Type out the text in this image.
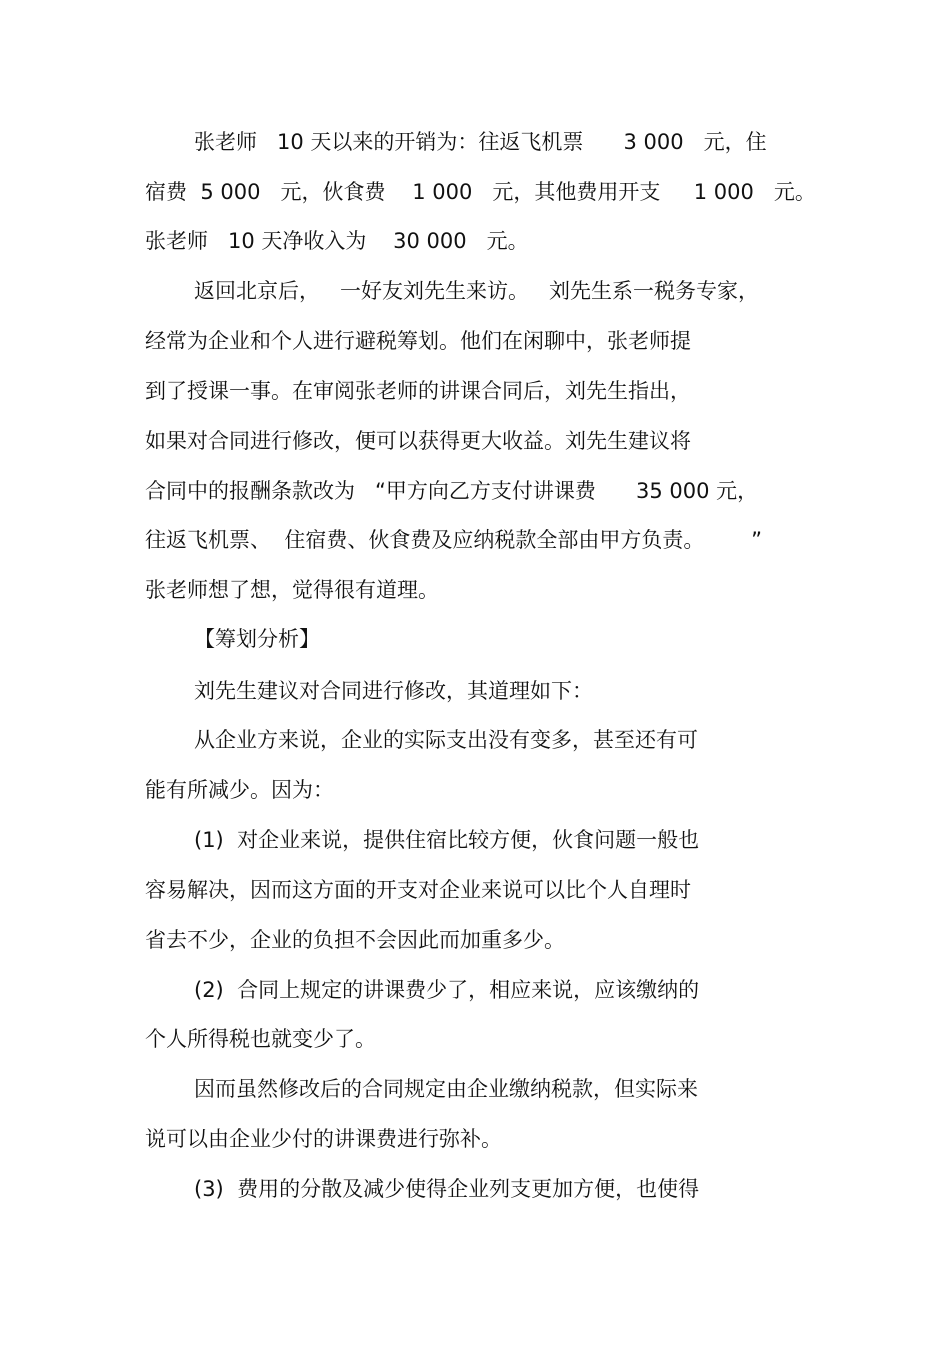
张老师   10 天以来的开销为：往返飞机票      3 000   元，住
宿费  5 000   元，伙食费    1 000   元，其他费用开支     1 000   元。
张老师   10 天净收入为    30 000   元。
返回北京后，   一好友刘先生来访。   刘先生系一税务专家，
经常为企业和个人进行避税筹划。他们在闲聊中，张老师提
到了授课一事。在审阅张老师的讲课合同后，刘先生指出，
如果对合同进行修改，便可以获得更大收益。刘先生建议将
合同中的报酬条款改为   “甲方向乙方支付讲课费      35 000 元，
往返飞机票、  住宿费、伙食费及应纳税款全部由甲方负责。       ”
张老师想了想，觉得很有道理。
【筹划分析】
刘先生建议对合同进行修改，其道理如下：
从企业方来说，企业的实际支出没有变多，甚至还有可
能有所减少。因为：
(1)  对企业来说，提供住宿比较方便，伙食问题一般也
容易解决，因而这方面的开支对企业来说可以比个人自理时
省去不少，企业的负担不会因此而加重多少。
(2)  合同上规定的讲课费少了，相应来说，应该缴纳的
个人所得税也就变少了。
因而虽然修改后的合同规定由企业缴纳税款，但实际来
说可以由企业少付的讲课费进行弥补。
(3)  费用的分散及减少使得企业列支更加方便，也使得
